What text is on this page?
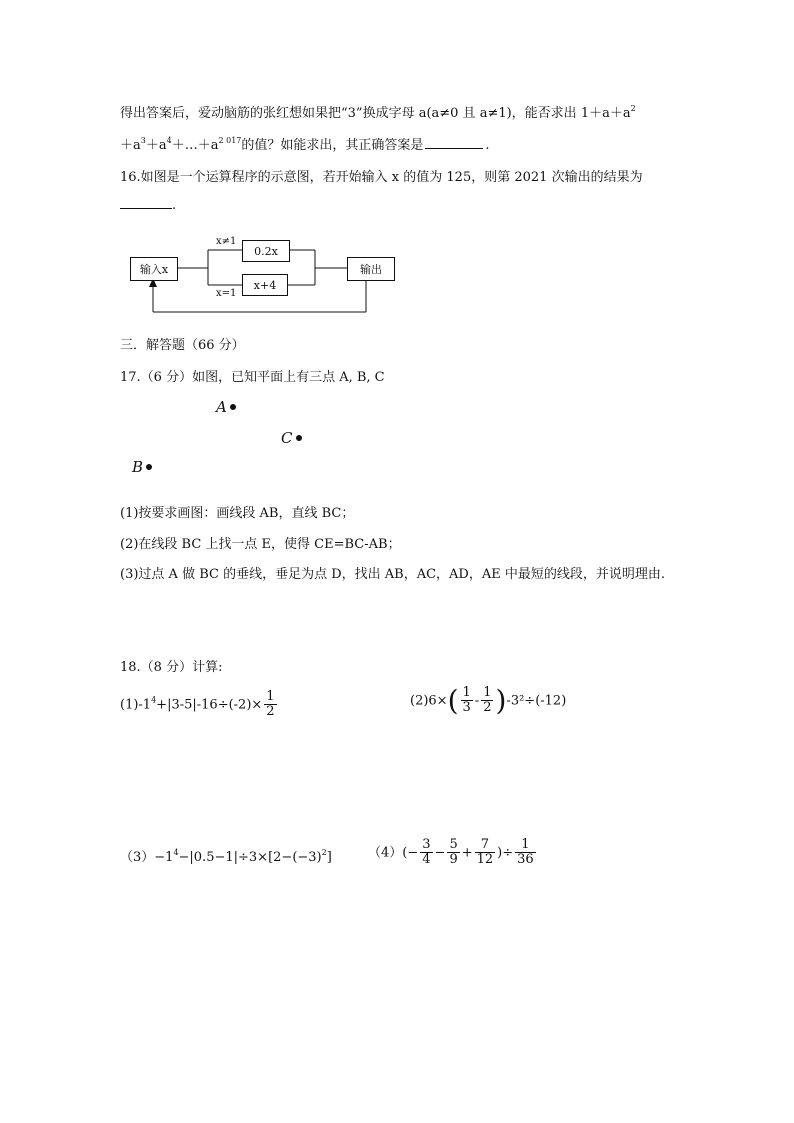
得出答案后，爱动脑筋的张红想如果把“3”换成字母 a(a≠0 且 a≠1)，能否求出 $1+a+a^2$
$+a^3+a^4+\dots+a^{2 017}$的值？如能求出，其正确答案是	.
16.如图是一个运算程序的示意图，若开始输入 x 的值为 125，则第 2021 次输出的结果为
.
输入x
0.2x
x+4
输出
x≠1
x=1
三．解答题（66 分）
17.（6 分）如图，已知平面上有三点 A, B, C
A
C
B
(1)按要求画图：画线段 AB，直线 BC；
(2)在线段 BC 上找一点 E，使得 CE=BC-AB；
(3)过点 A 做 BC 的垂线，垂足为点 D，找出 AB，AC，AD，AE 中最短的线段，并说明理由.
18.（8 分）计算:
$(1)-1^4+|3-5|-16\div(-2)\times \frac{1}{2}$	$(2)6\times( \frac{1}{3} - \frac{1}{2} )-3^2\div(-12)$
$(3)-1^4-|0.5-1|\div 3\times[2-(-3)^2]$	$(4)(- \frac{3}{4} - \frac{5}{9} + \frac{7}{12}$ )÷ $\frac{1}{36}$
